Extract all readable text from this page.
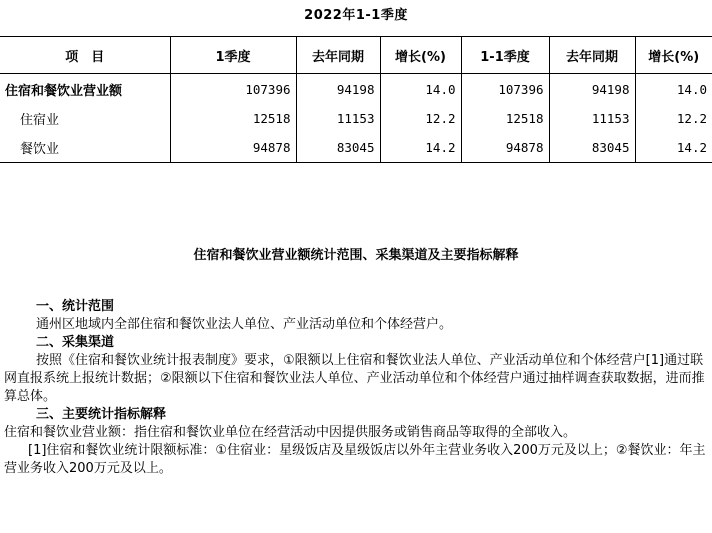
2022年1-1季度
项　目	1季度	去年同期	增长(%)	1-1季度	去年同期	增长(%)
住宿和餐饮业营业额	107396	94198	14.0	107396	94198	14.0
住宿业	12518	11153	12.2	12518	11153	12.2
餐饮业	94878	83045	14.2	94878	83045	14.2
住宿和餐饮业营业额统计范围、采集渠道及主要指标解释

一、统计范围

通州区地域内全部住宿和餐饮业法人单位、产业活动单位和个体经营户。

二、采集渠道

按照《住宿和餐饮业统计报表制度》要求，①限额以上住宿和餐饮业法人单位、产业活动单位和个体经营户[1]通过联网直报系统上报统计数据；②限额以下住宿和餐饮业法人单位、产业活动单位和个体经营户通过抽样调查获取数据，进而推算总体。

三、主要统计指标解释

住宿和餐饮业营业额：指住宿和餐饮业单位在经营活动中因提供服务或销售商品等取得的全部收入。

[1]住宿和餐饮业统计限额标准：①住宿业：星级饭店及星级饭店以外年主营业务收入200万元及以上；②餐饮业：年主营业务收入200万元及以上。
